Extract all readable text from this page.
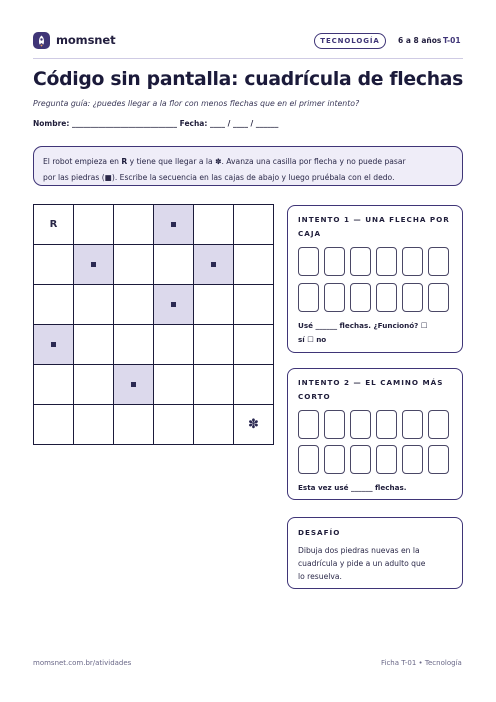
momsnet	TECNOLOGÍA	6 a 8 años T-01
Código sin pantalla: cuadrícula de flechas
Pregunta guía: ¿puedes llegar a la flor con menos flechas que en el primer intento?
Nombre: ____________________________ Fecha: ____ / ____ / ______
El robot empieza en R y tiene que llegar a la ✽. Avanza una casilla por flecha y no puede pasar
por las piedras (■). Escribe la secuencia en las cajas de abajo y luego pruébala con el dedo.
R
✽
INTENTO 1 — UNA FLECHA POR
CAJA
Usé ______ flechas. ¿Funcionó? ☐
sí ☐ no
INTENTO 2 — EL CAMINO MÁS
CORTO
Esta vez usé ______ flechas.
DESAFÍO
Dibuja dos piedras nuevas en la
cuadrícula y pide a un adulto que
lo resuelva.
momsnet.com.br/atividades	Ficha T-01 • Tecnología
